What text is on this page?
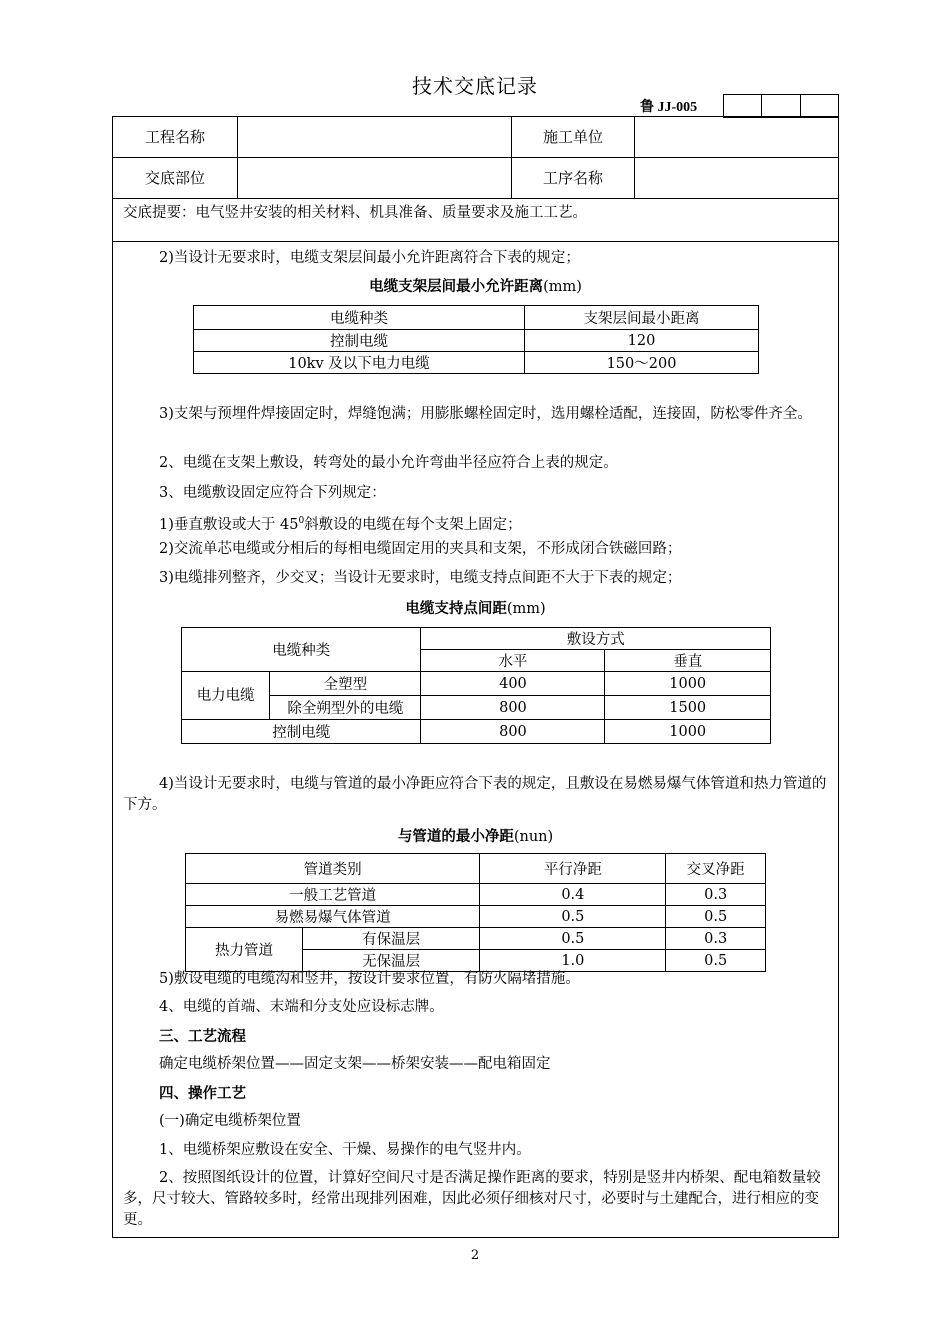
技术交底记录
鲁 JJ-005
工程名称	施工单位
交底部位	工序名称
交底提要：电气竖井安装的相关材料、机具准备、质量要求及施工工艺。
2)当设计无要求时，电缆支架层间最小允许距离符合下表的规定；
电缆支架层间最小允许距离(mm)
电缆种类	支架层间最小距离
控制电缆	120
10kv 及以下电力电缆	150～200
3)支架与预埋件焊接固定时，焊缝饱满；用膨胀螺栓固定时，选用螺栓适配，连接固，防松零件齐全。
2、电缆在支架上敷设，转弯处的最小允许弯曲半径应符合上表的规定。
3、电缆敷设固定应符合下列规定：
1)垂直敷设或大于 $45^0$斜敷设的电缆在每个支架上固定；
2)交流单芯电缆或分相后的每相电缆固定用的夹具和支架，不形成闭合铁磁回路；
3)电缆排列整齐，少交叉；当设计无要求时，电缆支持点间距不大于下表的规定；
电缆支持点间距(mm)
电缆种类		敷设方式	
		水平	垂直
电力电缆	全塑型	400	1000
	除全朔型外的电缆	800	1500
控制电缆		800	1000
4)当设计无要求时，电缆与管道的最小净距应符合下表的规定，且敷设在易燃易爆气体管道和热力管道的下方。
与管道的最小净距(nun)
管道类别		平行净距	交叉净距
一般工艺管道		0.4	0.3
易燃易爆气体管道		0.5	0.5
热力管道	有保温层	0.5	0.3
	无保温层	1.0	0.5
5)敷设电缆的电缆沟和竖井，按设计要求位置，有防火隔堵措施。
4、电缆的首端、末端和分支处应设标志牌。
三、工艺流程
确定电缆桥架位置——固定支架——桥架安装——配电箱固定
四、操作工艺
(一)确定电缆桥架位置
1、电缆桥架应敷设在安全、干燥、易操作的电气竖井内。
2、按照图纸设计的位置，计算好空间尺寸是否满足操作距离的要求，特别是竖井内桥架、配电箱数量较多，尺寸较大、管路较多时，经常出现排列困难，因此必须仔细核对尺寸，必要时与土建配合，进行相应的变更。
2
